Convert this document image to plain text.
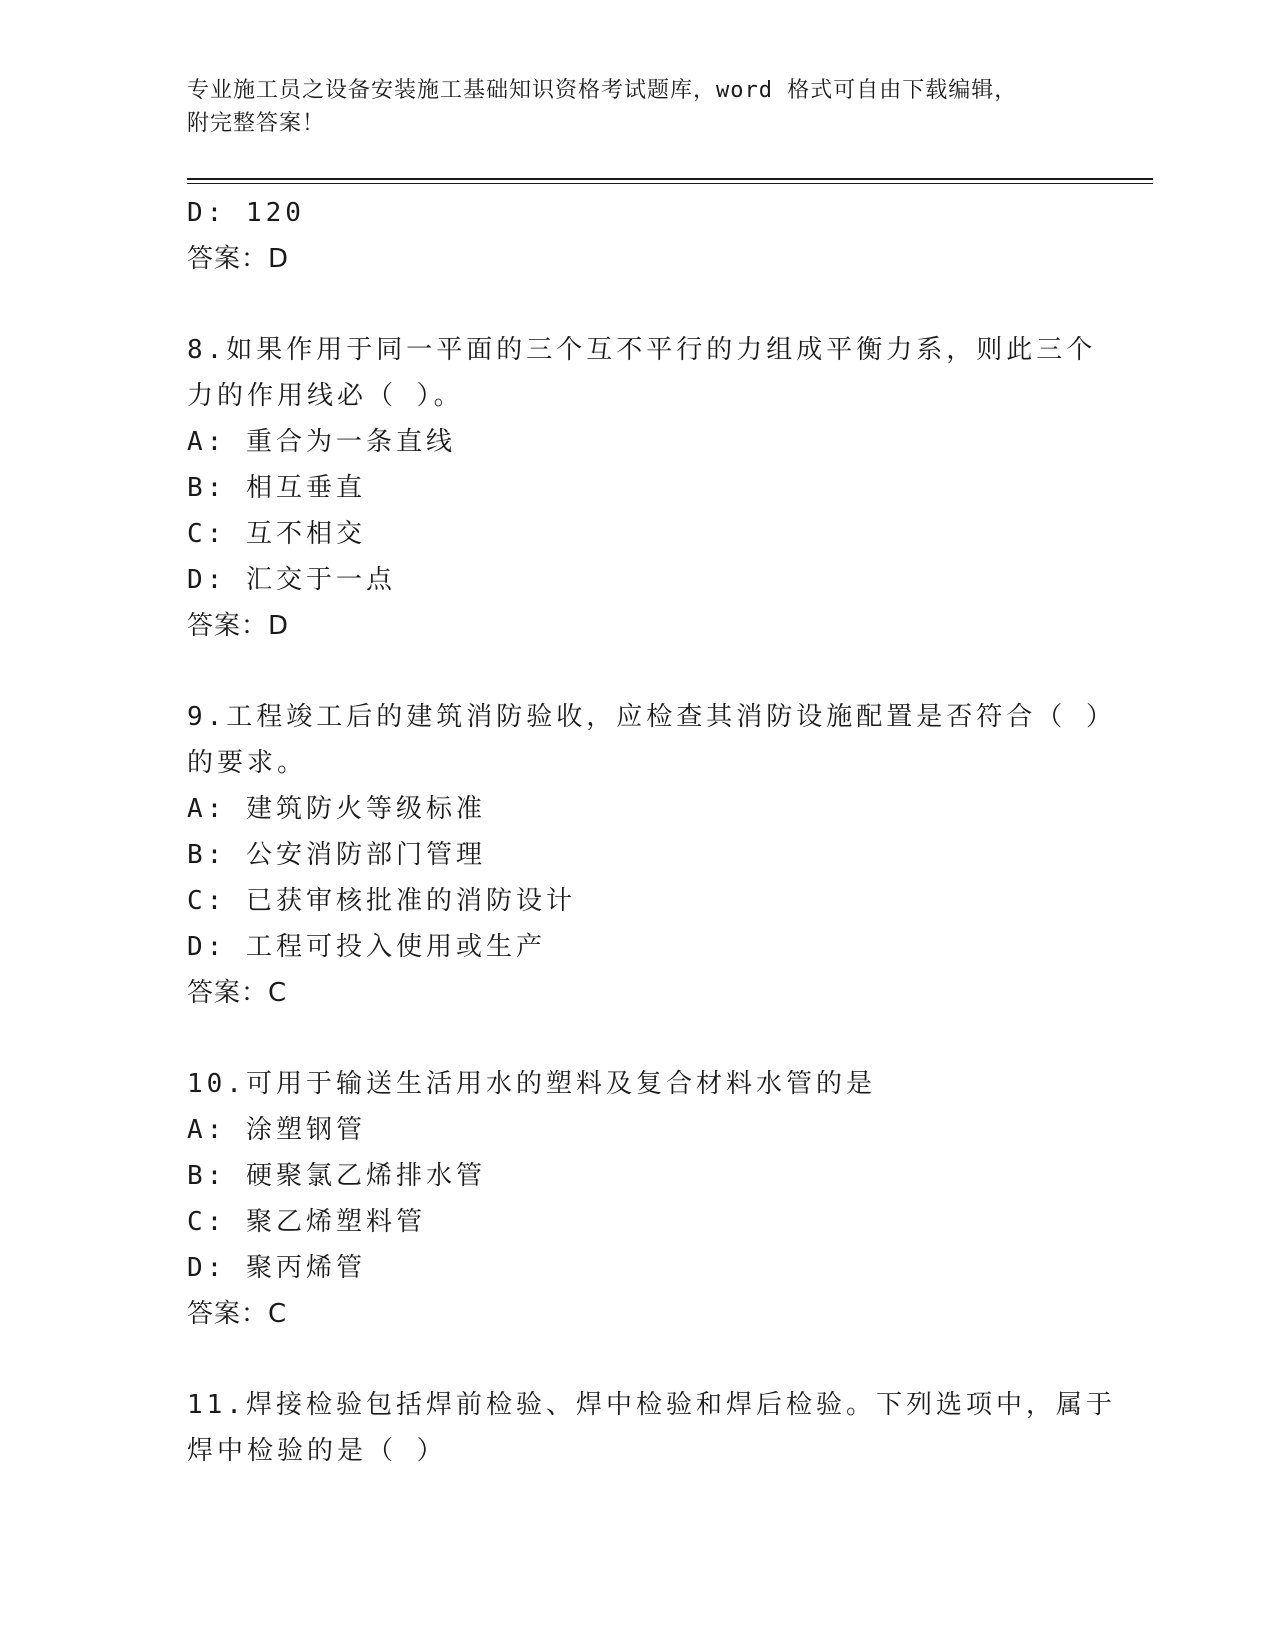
专业施工员之设备安装施工基础知识资格考试题库，word 格式可自由下载编辑，
附完整答案！
D: 120
答案：D
8.如果作用于同一平面的三个互不平行的力组成平衡力系，则此三个
力的作用线必（ ）。
A: 重合为一条直线
B: 相互垂直
C: 互不相交
D: 汇交于一点
答案：D
9.工程竣工后的建筑消防验收，应检查其消防设施配置是否符合（ ）
的要求。
A: 建筑防火等级标准
B: 公安消防部门管理
C: 已获审核批准的消防设计
D: 工程可投入使用或生产
答案：C
10.可用于输送生活用水的塑料及复合材料水管的是
A: 涂塑钢管
B: 硬聚氯乙烯排水管
C: 聚乙烯塑料管
D: 聚丙烯管
答案：C
11.焊接检验包括焊前检验、焊中检验和焊后检验。下列选项中，属于
焊中检验的是（ ）
